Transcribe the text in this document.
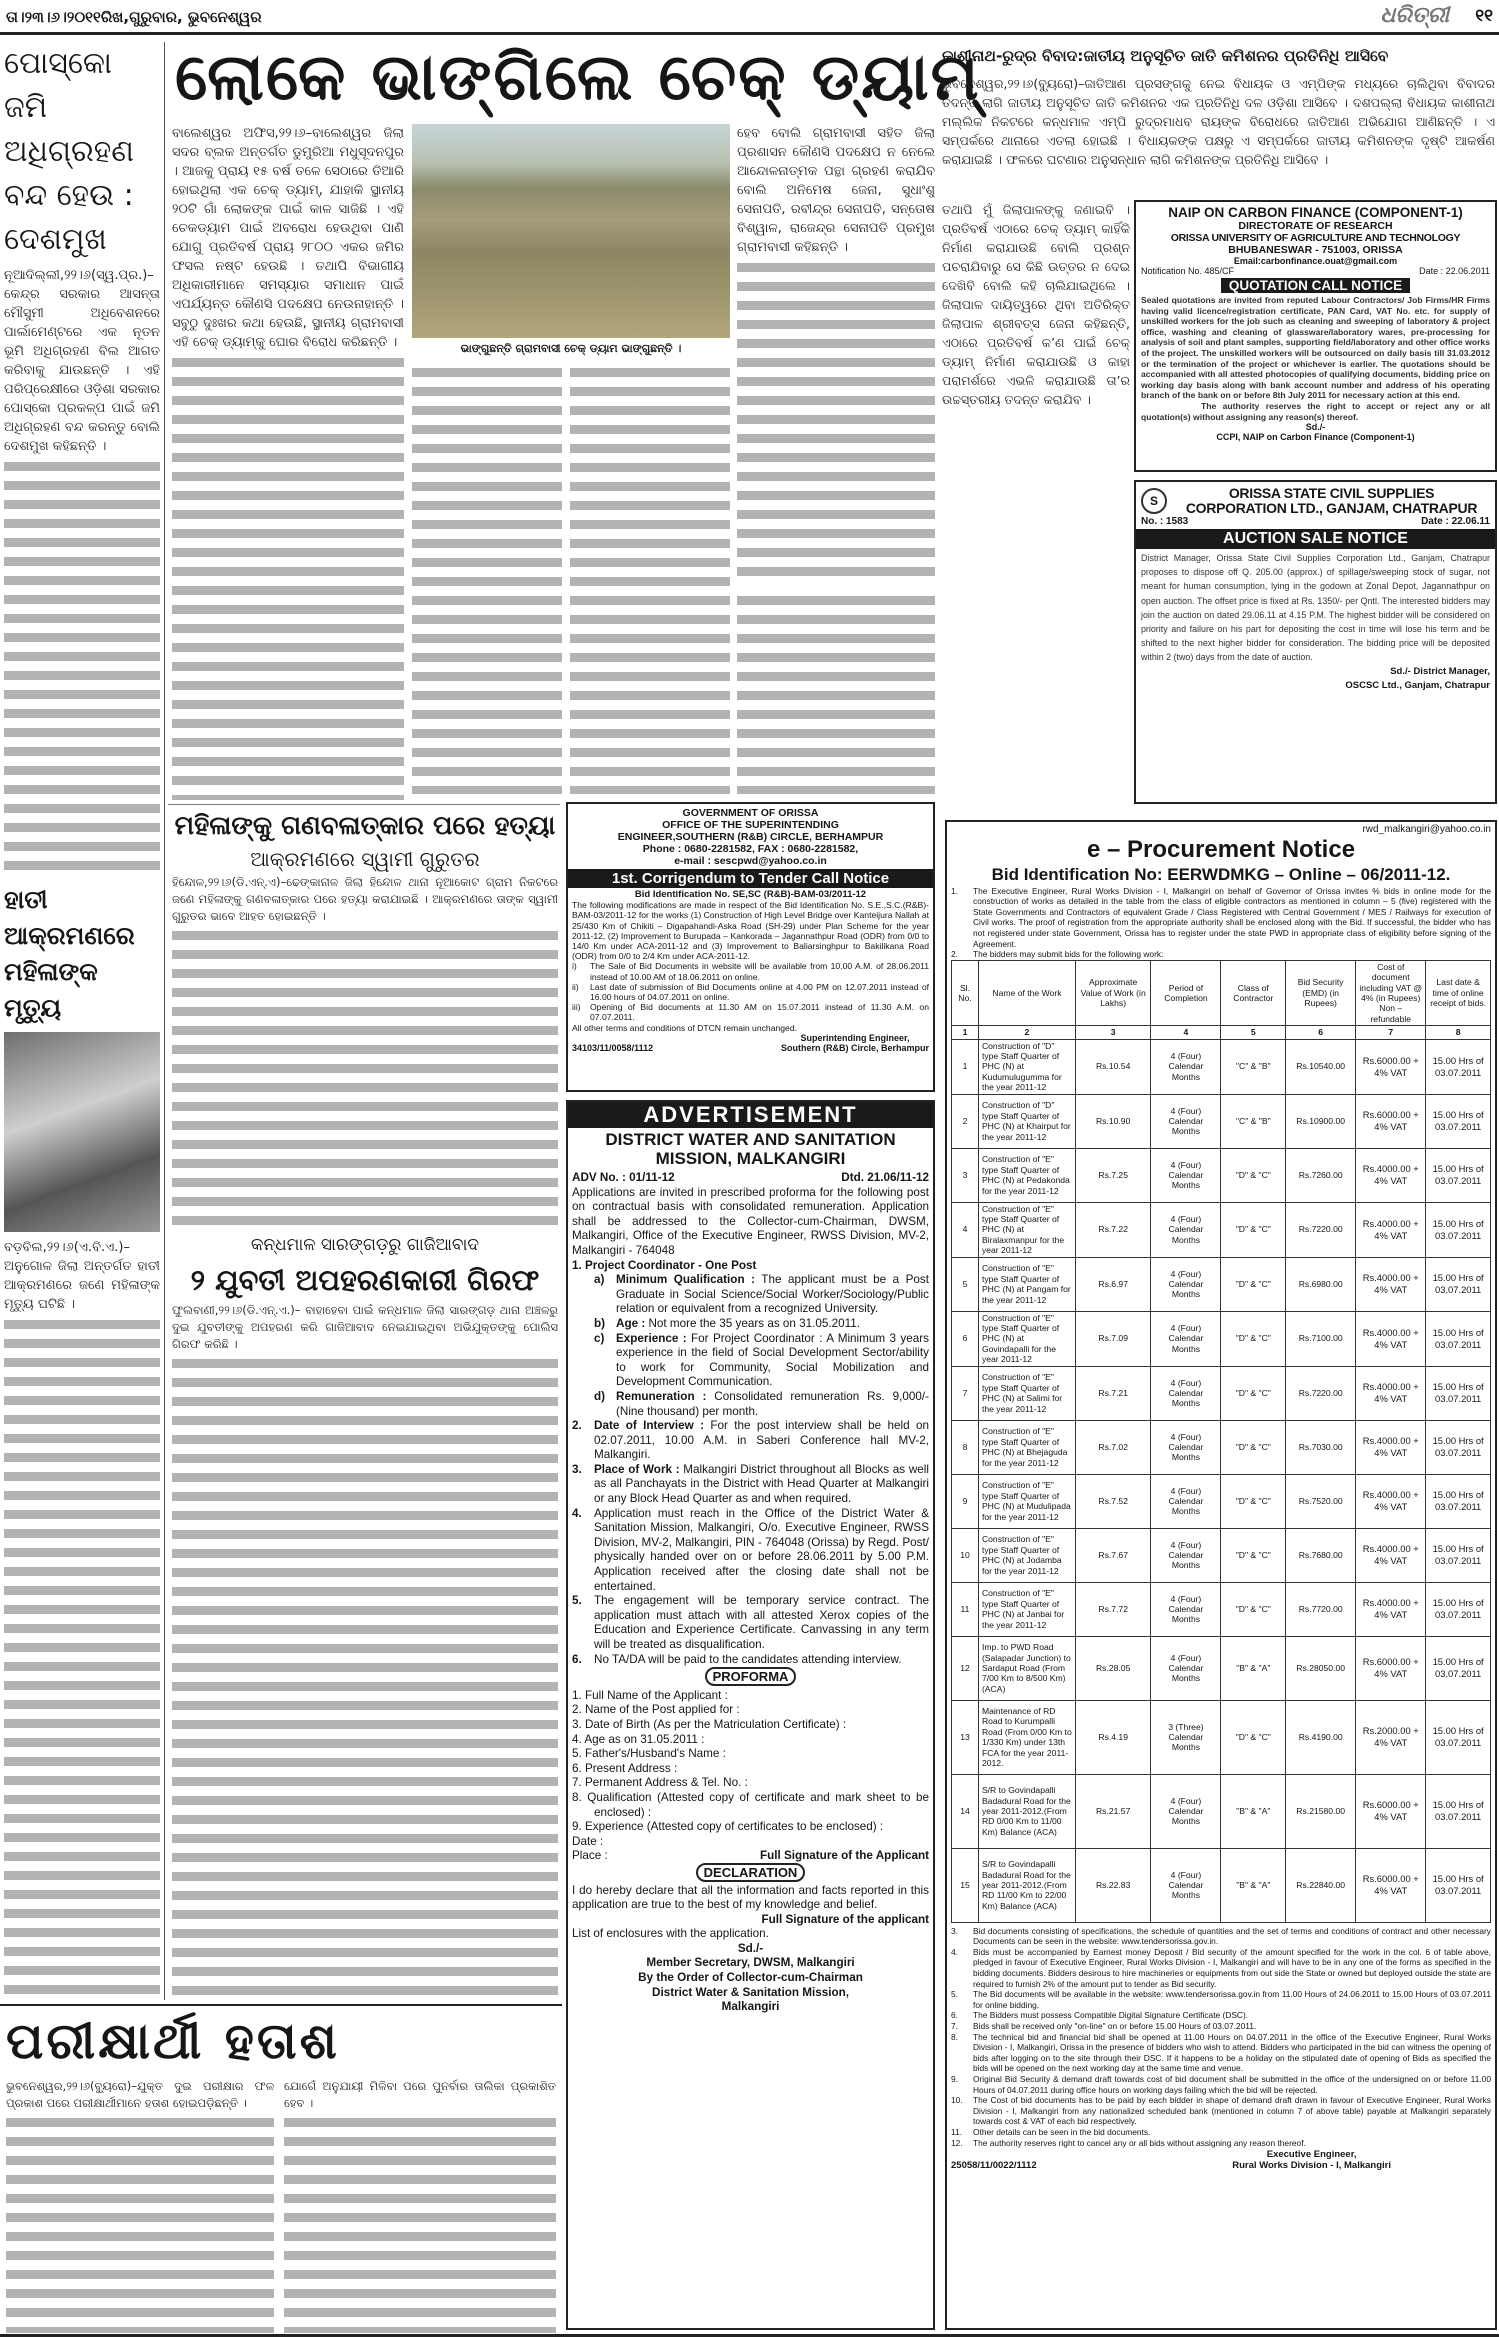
ତା।୨୩।୬।୨୦୧୧ରିଖ,ଗୁରୁବାର, ଭୁବନେଶ୍ୱର	ଧରିତ୍ରୀ ୧୧
ପୋସ୍କୋ ଜମି ଅଧିଗ୍ରହଣ ବନ୍ଦ ହେଉ : ଦେଶମୁଖ

ନୂଆଦିଲ୍ଲୀ,୨୨।୬(ସ୍ୱ.ପ୍ର.)–କେନ୍ଦ୍ର ସରକାର ଆସନ୍ତା ମୌସୁମୀ ଅଧିବେଶନରେ ପାର୍ଲାମେଣ୍ଟରେ ଏକ ନୂତନ ଭୂମି ଅଧିଗ୍ରହଣ ବିଲ ଆଗତ କରିବାକୁ ଯାଉଛନ୍ତି । ଏହି ପରିପ୍ରେକ୍ଷୀରେ ଓଡ଼ିଶା ସରକାର ପୋସ୍କୋ ପ୍ରକଳ୍ପ ପାଇଁ ଜମି ଅଧିଗ୍ରହଣ ବନ୍ଦ କରନ୍ତୁ ବୋଲି ଦେଶମୁଖ କହିଛନ୍ତି ।

ହାତୀ ଆକ୍ରମଣରେ ମହିଳାଙ୍କ ମୃତ୍ୟୁ

ବଡ଼ବିଲ,୨୨।୬(ଏ.ବି.ଏ.)–ଅନୁଗୋଳ ଜିଲା ଅନ୍ତର୍ଗତ ହାତୀ ଆକ୍ରମଣରେ ଜଣେ ମହିଳାଙ୍କ ମୃତ୍ୟୁ ଘଟିଛି ।

ଲୋକେ ଭାଙ୍ଗିଲେ ଚେକ୍ ଡ୍ୟାମ୍

ବାଲେଶ୍ୱର ଅଫିସ,୨୨।୬–ବାଲେଶ୍ୱର ଜିଲା ସଦର ବ୍ଲକ ଅନ୍ତର୍ଗତ ଡୁମୁରିଆ ମଧୁସୂଦନପୁର । ଆଜକୁ ପ୍ରାୟ ୧୫ ବର୍ଷ ତଳେ ସେଠାରେ ତିଆରି ହୋଇଥିଲା ଏକ ଚେକ୍ ଡ୍ୟାମ୍, ଯାହାକି ସ୍ଥାନୀୟ ୨୦ଟି ଗାଁ ଲୋକଙ୍କ ପାଇଁ କାଳ ସାଜିଛି । ଏହି ଚେକଡ୍ୟାମ ପାଇଁ ଅବରୋଧ ହେଉଥିବା ପାଣି ଯୋଗୁ ପ୍ରତିବର୍ଷ ପ୍ରାୟ ୨୮୦୦ ଏକର ଜମିର ଫସଲ ନଷ୍ଟ ହେଉଛି । ତଥାପି ବିଭାଗୀୟ ଅଧିକାରୀମାନେ ସମସ୍ୟାର ସମାଧାନ ପାଇଁ ଏପର୍ଯ୍ୟନ୍ତ କୌଣସି ପଦକ୍ଷେପ ନେଉନାହାନ୍ତି । ସବୁଠୁ ଦୁଃଖର କଥା ହେଉଛି, ସ୍ଥାନୀୟ ଗ୍ରାମବାସୀ ଏହି ଚେକ୍ ଡ୍ୟାମ୍‌କୁ ଘୋର ବିରୋଧ କରିଛନ୍ତି ।	ଭାଙ୍ଗୁଛନ୍ତି ଗ୍ରାମବାସୀ ଚେକ୍ ଡ୍ୟାମ ଭାଙ୍ଗୁଛନ୍ତି ।

ହେବ ବୋଲି ଗ୍ରାମବାସୀ ସହିତ ଜିଲା ପ୍ରଶାସନ କୌଣସି ପଦକ୍ଷେପ ନ ନେଲେ ଆନ୍ଦୋଳନାତ୍ମକ ପନ୍ଥା ଗ୍ରହଣ କରାଯିବ ବୋଲି ଅନିମେଷ ଜେନା, ସୁଧାଂଶୁ ସେନାପତି, ରବୀନ୍ଦ୍ର ସେନାପତି, ସନ୍ତୋଷ ବିଶ୍ୱାଳ, ରାଜେନ୍ଦ୍ର ସେନାପତି ପ୍ରମୁଖ ଗ୍ରାମବାସୀ କହିଛନ୍ତି ।

କାଶୀନାଥ-ରୁଦ୍ର ବିବାଦ:ଜାତୀୟ ଅନୁସୂଚିତ ଜାତି କମିଶନର ପ୍ରତିନିଧି ଆସିବେ

ଭୁବନେଶ୍ୱର,୨୨।୬(ବ୍ୟୁରୋ)–ଜାତିଆଣ ପ୍ରସଙ୍ଗକୁ ନେଇ ବିଧାୟକ ଓ ଏମ୍ପିଙ୍କ ମଧ୍ୟରେ ଚାଲିଥିବା ବିବାଦର ତଦନ୍ତ ଲାଗି ଜାତୀୟ ଅନୁସୂଚିତ ଜାତି କମିଶନର ଏକ ପ୍ରତିନିଧି ଦଳ ଓଡ଼ିଶା ଆସିବେ । ଦଶପଲ୍ଲା ବିଧାୟକ କାଶୀନାଥ ମଲ୍ଲିକ ନିକଟରେ କନ୍ଧମାଳ ଏମ୍ପି ରୁଦ୍ରମାଧବ ରାୟଙ୍କ ବିରୋଧରେ ଜାତିଆଣ ଅଭିଯୋଗ ଆଣିଛନ୍ତି । ଏ ସମ୍ପର୍କରେ ଥାନାରେ ଏତଲା ହୋଇଛି । ବିଧାୟକଙ୍କ ପକ୍ଷରୁ ଏ ସମ୍ପର୍କରେ ଜାତୀୟ କମିଶନଙ୍କ ଦୃଷ୍ଟି ଆକର୍ଷଣ କରାଯାଇଛି । ଫଳରେ ଘଟଣାର ଅନୁସନ୍ଧାନ ଲାଗି କମିଶନଙ୍କ ପ୍ରତିନିଧି ଆସିବେ ।

ତଥାପି ମୁଁ ଜିଲାପାଳଙ୍କୁ ଜଣାଇବି । ପ୍ରତିବର୍ଷ ଏଠାରେ ଚେକ୍ ଡ୍ୟାମ୍ କାହିଁକି ନିର୍ମାଣ କରାଯାଉଛି ବୋଲି ପ୍ରଶ୍ନ ପଚରାଯିବାରୁ ସେ କିଛି ଉତ୍ତର ନ ଦେଇ ଦେଖିବି ବୋଲି କହି ଚାଲିଯାଇଥିଲେ । ଜିଲାପାଳ ଦାୟିତ୍ୱରେ ଥିବା ଅତିରିକ୍ତ ଜିଲାପାଳ ଶ୍ରୀବତ୍ସ ଜେନା କହିଛନ୍ତି, ଏଠାରେ ପ୍ରତିବର୍ଷ କ’ଣ ପାଇଁ ଚେକ୍ ଡ୍ୟାମ୍ ନିର୍ମାଣ କରାଯାଉଛି ଓ କାହା ପରାମର୍ଶରେ ଏଭଳି କରାଯାଉଛି ତା’ର ଉଚ୍ଚସ୍ତରୀୟ ତଦନ୍ତ କରାଯିବ ।

NAIP ON CARBON FINANCE (COMPONENT-1)
DIRECTORATE OF RESEARCH
ORISSA UNIVERSITY OF AGRICULTURE AND TECHNOLOGY
BHUBANESWAR - 751003, ORISSA
Email:carbonfinance.ouat@gmail.com
Notification No. 485/CF	Date : 22.06.2011
QUOTATION CALL NOTICE

Sealed quotations are invited from reputed Labour Contractors/ Job Firms/HR Firms having valid licence/registration certificate, PAN Card, VAT No. etc. for supply of unskilled workers for the job such as cleaning and sweeping of laboratory & project office, washing and cleaning of glassware/laboratory wares, pre-processing for analysis of soil and plant samples, supporting field/laboratory and other office works of the project. The unskilled workers will be outsourced on daily basis till 31.03.2012 or the termination of the project or whichever is earlier. The quotations should be accompanied with all attested photocopies of qualifying documents, bidding price on working day basis along with bank account number and address of his operating branch of the bank on or before 8th July 2011 for necessary action at this end.

The authority reserves the right to accept or reject any or all quotation(s) without assigning any reason(s) thereof.

Sd./-
CCPI, NAIP on Carbon Finance (Component-1)
S	ORISSA STATE CIVIL SUPPLIES
CORPORATION LTD., GANJAM, CHATRAPUR
No. : 1583	Date : 22.06.11
AUCTION SALE NOTICE

District Manager, Orissa State Civil Supplies Corporation Ltd., Ganjam, Chatrapur proposes to dispose off Q. 205.00 (approx.) of spillage/sweeping stock of sugar, not meant for human consumption, lying in the godown at Zonal Depot, Jagannathpur on open auction. The offset price is fixed at Rs. 1350/- per Qntl. The interested bidders may join the auction on dated 29.06.11 at 4.15 P.M. The highest bidder will be considered on priority and failure on his part for depositing the cost in time will lose his term and be shifted to the next higher bidder for consideration. The bidding price will be deposited within 2 (two) days from the date of auction.

Sd./- District Manager,
OSCSC Ltd., Ganjam, Chatrapur
ମହିଳାଙ୍କୁ ଗଣବଳାତ୍କାର ପରେ ହତ୍ୟା
ଆକ୍ରମଣରେ ସ୍ୱାମୀ ଗୁରୁତର

ହିନ୍ଦୋଳ,୨୨।୬(ଡି.ଏନ୍.ଏ)–ଢେଙ୍କାନାଳ ଜିଲା ହିନ୍ଦୋଳ ଥାନା ନୂଆକୋଟ ଗ୍ରାମ ନିକଟରେ ଜଣେ ମହିଳାଙ୍କୁ ଗଣବଳାତ୍କାର ପରେ ହତ୍ୟା କରାଯାଇଛି । ଆକ୍ରମଣରେ ତାଙ୍କ ସ୍ୱାମୀ ଗୁରୁତର ଭାବେ ଆହତ ହୋଇଛନ୍ତି ।

କନ୍ଧମାଳ ସାରଙ୍ଗଡ଼ରୁ ଗାଜିଆବାଦ
୨ ଯୁବତୀ ଅପହରଣକାରୀ ଗିରଫ

ଫୁଲବାଣୀ,୨୨।୬(ଡି.ଏନ୍.ଏ.)– ବାହାହେବା ପାଇଁ କନ୍ଧମାଳ ଜିଲା ସାରଙ୍ଗଡ଼ ଥାନା ଅଞ୍ଚଳରୁ ଦୁଇ ଯୁବତୀଙ୍କୁ ଅପହରଣ କରି ଗାଜିଆବାଦ ନେଇଯାଇଥିବା ଅଭିଯୁକ୍ତଙ୍କୁ ପୋଲିସ ଗିରଫ କରିଛି ।

GOVERNMENT OF ORISSA
OFFICE OF THE SUPERINTENDING
ENGINEER,SOUTHERN (R&B) CIRCLE, BERHAMPUR
Phone : 0680-2281582, FAX : 0680-2281582,
e-mail : sescpwd@yahoo.co.in
1st. Corrigendum to Tender Call Notice
Bid Identification No. SE,SC (R&B)-BAM-03/2011-12

The following modifications are made in respect of the Bid Identification No. S.E.,S.C.(R&B)-BAM-03/2011-12 for the works (1) Construction of High Level Bridge over Kanteijura Nallah at 25/430 Km of Chikiti – Digapahandi-Aska Road (SH-29) under Plan Scheme for the year 2011-12, (2) Improvement to Burupada – Kankorada – Jagannathpur Road (ODR) from 0/0 to 14/0 Km under ACA-2011-12 and (3) Improvement to Baliarsinghpur to Bakilikana Road (ODR) from 0/0 to 2/4 Km under ACA-2011-12.

i)	The Sale of Bid Documents in website will be available from 10.00 A.M. of 28.06.2011 instead of 10.00 AM of 18.06.2011 on online.
ii)	Last date of submission of Bid Documents online at 4.00 PM on 12.07.2011 instead of 16.00 hours of 04.07.2011 on online.
iii)	Opening of Bid documents at 11.30 AM on 15.07.2011 instead of 11.30 A.M. on 07.07.2011.
All other terms and conditions of DTCN remain unchanged.
34103/11/0058/1112
Superintending Engineer,
Southern (R&B) Circle, Berhampur
ADVERTISEMENT
DISTRICT WATER AND SANITATION MISSION, MALKANGIRI
ADV No. : 01/11-12	Dtd. 21.06/11-12

Applications are invited in prescribed proforma for the following post on contractual basis with consolidated remuneration. Application shall be addressed to the Collector-cum-Chairman, DWSM, Malkangiri, Office of the Executive Engineer, RWSS Division, MV-2, Malkangiri - 764048

1. Project Coordinator - One Post
a) Minimum Qualification : The applicant must be a Post Graduate in Social Science/Social Worker/Sociology/Public relation or equivalent from a recognized University.
b) Age : Not more the 35 years as on 31.05.2011.
c) Experience : For Project Coordinator : A Minimum 3 years experience in the field of Social Development Sector/ability to work for Community, Social Mobilization and Development Communication.
d) Remuneration : Consolidated remuneration Rs. 9,000/- (Nine thousand) per month.
2.	Date of Interview : For the post interview shall be held on 02.07.2011, 10.00 A.M. in Saberi Conference hall MV-2, Malkangiri.
3.	Place of Work : Malkangiri District throughout all Blocks as well as all Panchayats in the District with Head Quarter at Malkangiri or any Block Head Quarter as and when required.
4.	Application must reach in the Office of the District Water & Sanitation Mission, Malkangiri, O/o. Executive Engineer, RWSS Division, MV-2, Malkangiri, PIN - 764048 (Orissa) by Regd. Post/ physically handed over on or before 28.06.2011 by 5.00 P.M. Application received after the closing date shall not be entertained.
5.	The engagement will be temporary service contract. The application must attach with all attested Xerox copies of the Education and Experience Certificate. Canvassing in any term will be treated as disqualification.
6.	No TA/DA will be paid to the candidates attending interview.
PROFORMA
1. Full Name of the Applicant :
2. Name of the Post applied for :
3. Date of Birth (As per the Matriculation Certificate) :
4. Age as on 31.05.2011 :
5. Father's/Husband's Name :
6. Present Address :
7. Permanent Address & Tel. No. :
8. Qualification (Attested copy of certificate and mark sheet to be enclosed) :
9. Experience (Attested copy of certificates to be enclosed) :
Date :
Place :	Full Signature of the Applicant
DECLARATION

I do hereby declare that all the information and facts reported in this application are true to the best of my knowledge and belief.

Full Signature of the applicant
List of enclosures with the application.
Sd./-
Member Secretary, DWSM, Malkangiri
By the Order of Collector-cum-Chairman
District Water & Sanitation Mission,
Malkangiri
rwd_malkangiri@yahoo.co.in
e – Procurement Notice
Bid Identification No: EERWDMKG – Online – 06/2011-12.
1.	The Executive Engineer, Rural Works Division - I, Malkangiri on behalf of Governor of Orissa invites % bids in online mode for the construction of works as detailed in the table from the class of eligible contractors as mentioned in column – 5 (five) registered with the State Governments and Contractors of equivalent Grade / Class Registered with Central Government / MES / Railways for execution of Civil works. The proof of registration from the appropriate authority shall be enclosed along with the Bid. If successful, the bidder who has not registered under state Government, Orissa has to register under the state PWD in appropriate class of eligibility before signing of the Agreement.
2.	The bidders may submit bids for the following work:
Sl. No.	Name of the Work	Approximate Value of Work (in Lakhs)	Period of Completion	Class of Contractor	Bid Security (EMD) (in Rupees)	Cost of document including VAT @ 4% (in Rupees) Non – refundable	Last date & time of online receipt of bids.
1	2	3	4	5	6	7	8
1	Construction of "D" type Staff Quarter of PHC (N) at Kudumulugumma for the year 2011-12	Rs.10.54	4 (Four) Calendar Months	"C" & "B"	Rs.10540.00	Rs.6000.00 + 4% VAT	15.00 Hrs of 03.07.2011
2	Construction of "D" type Staff Quarter of PHC (N) at Khairput for the year 2011-12	Rs.10.90	4 (Four) Calendar Months	"C" & "B"	Rs.10900.00	Rs.6000.00 + 4% VAT	15.00 Hrs of 03.07.2011
3	Construction of "E" type Staff Quarter of PHC (N) at Pedakonda for the year 2011-12	Rs.7.25	4 (Four) Calendar Months	"D" & "C"	Rs.7260.00	Rs.4000.00 + 4% VAT	15.00 Hrs of 03.07.2011
4	Construction of "E" type Staff Quarter of PHC (N) at Biralaxmanpur for the year 2011-12	Rs.7.22	4 (Four) Calendar Months	"D" & "C"	Rs.7220.00	Rs.4000.00 + 4% VAT	15.00 Hrs of 03.07.2011
5	Construction of "E" type Staff Quarter of PHC (N) at Pangam for the year 2011-12	Rs.6.97	4 (Four) Calendar Months	"D" & "C"	Rs.6980.00	Rs.4000.00 + 4% VAT	15.00 Hrs of 03.07.2011
6	Construction of "E" type Staff Quarter of PHC (N) at Govindapalli for the year 2011-12	Rs.7.09	4 (Four) Calendar Months	"D" & "C"	Rs.7100.00	Rs.4000.00 + 4% VAT	15.00 Hrs of 03.07.2011
7	Construction of "E" type Staff Quarter of PHC (N) at Salimi for the year 2011-12	Rs.7.21	4 (Four) Calendar Months	"D" & "C"	Rs.7220.00	Rs.4000.00 + 4% VAT	15.00 Hrs of 03.07.2011
8	Construction of "E" type Staff Quarter of PHC (N) at Bhejaguda for the year 2011-12	Rs.7.02	4 (Four) Calendar Months	"D" & "C"	Rs.7030.00	Rs.4000.00 + 4% VAT	15.00 Hrs of 03.07.2011
9	Construction of "E" type Staff Quarter of PHC (N) at Mudulipada for the year 2011-12	Rs.7.52	4 (Four) Calendar Months	"D" & "C"	Rs.7520.00	Rs.4000.00 + 4% VAT	15.00 Hrs of 03.07.2011
10	Construction of "E" type Staff Quarter of PHC (N) at Jodamba for the year 2011-12	Rs.7.67	4 (Four) Calendar Months	"D" & "C"	Rs.7680.00	Rs.4000.00 + 4% VAT	15.00 Hrs of 03.07.2011
11	Construction of "E" type Staff Quarter of PHC (N) at Janbai for the year 2011-12	Rs.7.72	4 (Four) Calendar Months	"D" & "C"	Rs.7720.00	Rs.4000.00 + 4% VAT	15.00 Hrs of 03.07.2011
12	Imp. to PWD Road (Salapadar Junction) to Sardaput Road (From 7/00 Km to 8/500 Km) (ACA)	Rs.28.05	4 (Four) Calendar Months	"B" & "A"	Rs.28050.00	Rs.6000.00 + 4% VAT	15.00 Hrs of 03.07.2011
13	Maintenance of RD Road to Kurumpalli Road (From 0/00 Km to 1/330 Km) under 13th FCA for the year 2011-2012.	Rs.4.19	3 (Three) Calendar Months	"D" & "C"	Rs.4190.00	Rs.2000.00 + 4% VAT	15.00 Hrs of 03.07.2011
14	S/R to Govindapalli Badadural Road for the year 2011-2012.(From RD 0/00 Km to 11/00 Km) Balance (ACA)	Rs.21.57	4 (Four) Calendar Months	"B" & "A"	Rs.21580.00	Rs.6000.00 + 4% VAT	15.00 Hrs of 03.07.2011
15	S/R to Govindapalli Badadural Road for the year 2011-2012.(From RD 11/00 Km to 22/00 Km) Balance (ACA)	Rs.22.83	4 (Four) Calendar Months	"B" & "A"	Rs.22840.00	Rs.6000.00 + 4% VAT	15.00 Hrs of 03.07.2011
3.	Bid documents consisting of specifications, the schedule of quantities and the set of terms and conditions of contract and other necessary Documents can be seen in the website: www.tendersorissa.gov.in.
4.	Bids must be accompanied by Earnest money Deposit / Bid security of the amount specified for the work in the col. 6 of table above, pledged in favour of Executive Engineer, Rural Works Division - I, Malkangiri and will have to be in any one of the forms as specified in the bidding documents. Bidders desirous to hire machineries or equipments from out side the State or owned but deployed outside the state are required to furnish 2% of the amount put to tender as Bid security.
5.	The Bid documents will be available in the website: www.tendersorissa.gov.in from 11.00 Hours of 24.06.2011 to 15.00 Hours of 03.07.2011 for online bidding.
6.	The Bidders must possess Compatible Digital Signature Certificate (DSC).
7.	Bids shall be received only "on-line" on or before 15.00 Hours of 03.07.2011.
8.	The technical bid and financial bid shall be opened at 11.00 Hours on 04.07.2011 in the office of the Executive Engineer, Rural Works Division - I, Malkangiri, Orissa in the presence of bidders who wish to attend. Bidders who participated in the bid can witness the opening of bids after logging on to the site through their DSC. If it happens to be a holiday on the stipulated date of opening of Bids as specified the bids will be opened on the next working day at the same time and venue.
9.	Original Bid Security & demand draft towards cost of bid document shall be submitted in the office of the undersigned on or before 11.00 Hours of 04.07.2011 during office hours on working days failing which the bid will be rejected.
10.	The Cost of bid documents has to be paid by each bidder in shape of demand draft drawn in favour of Executive Engineer, Rural Works Division - I, Malkangiri from any nationalized scheduled bank (mentioned in column 7 of above table) payable at Malkangiri separately towards cost & VAT of each bid respectively.
11.	Other details can be seen in the bid documents.
12.	The authority reserves right to cancel any or all bids without assigning any reason thereof.
25058/11/0022/1112
Executive Engineer,
Rural Works Division - I, Malkangiri
ପରୀକ୍ଷାର୍ଥୀ ହତାଶ

ଭୁବନେଶ୍ୱର,୨୨।୬(ବ୍ୟୁରୋ)–ଯୁକ୍ତ ଦୁଇ ପରୀକ୍ଷାର ଫଳ ପ୍ରକାଶ ପରେ ପରୀକ୍ଷାର୍ଥୀମାନେ ହତାଶ ହୋଇପଡ଼ିଛନ୍ତି ।

ଯୋଗେଁ ଅନୁଯାୟୀ ମିଳିବା ପରେ ପୁନର୍ବାର ତାଲିକା ପ୍ରକାଶିତ ହେବ ।
